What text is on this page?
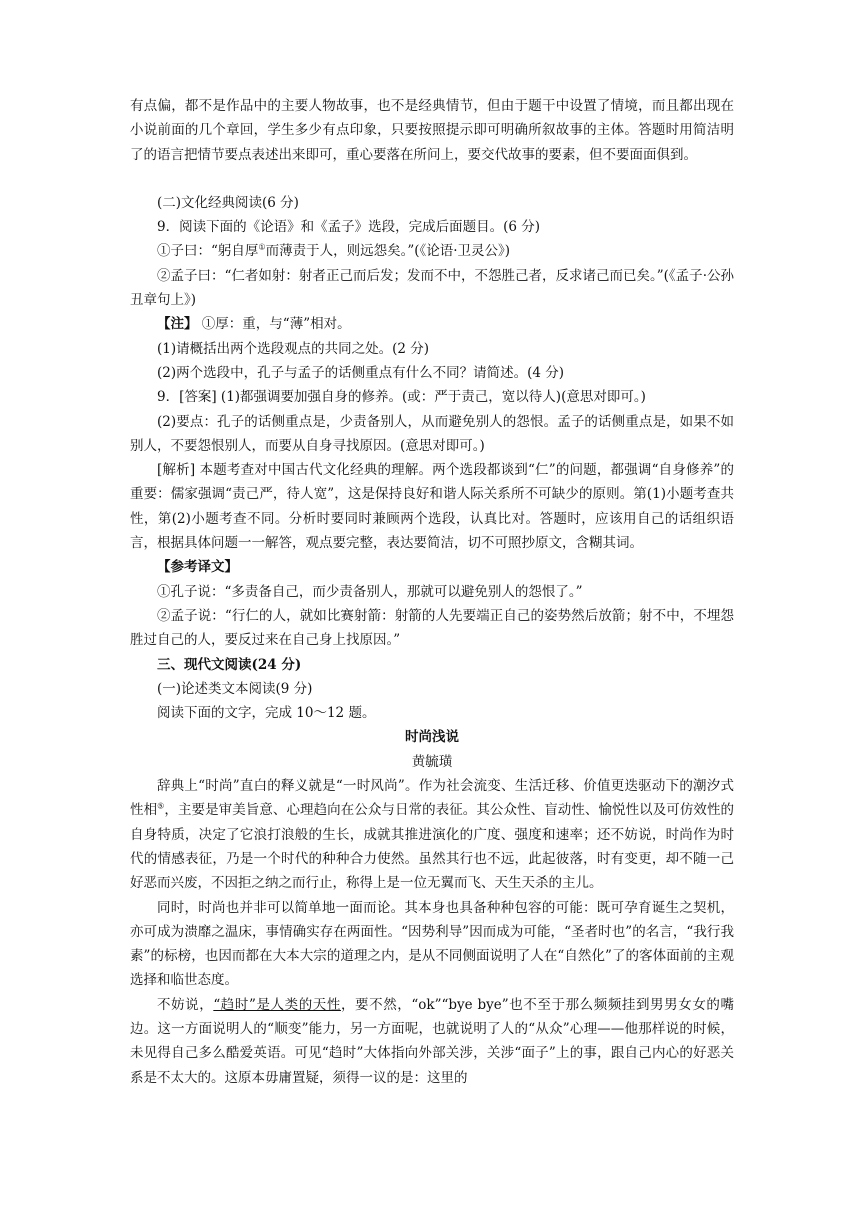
有点偏，都不是作品中的主要人物故事，也不是经典情节，但由于题干中设置了情境，而且都出现在小说前面的几个章回，学生多少有点印象，只要按照提示即可明确所叙故事的主体。答题时用简洁明了的语言把情节要点表述出来即可，重心要落在所问上，要交代故事的要素，但不要面面俱到。

(二)文化经典阅读(6 分)

9．阅读下面的《论语》和《孟子》选段，完成后面题目。(6 分)

①子曰：“躬自厚①而薄责于人，则远怨矣。”(《论语·卫灵公》)

②孟子曰：“仁者如射：射者正己而后发；发而不中，不怨胜己者，反求诸己而已矣。”(《孟子·公孙丑章句上》)

【注】 ①厚：重，与“薄”相对。

(1)请概括出两个选段观点的共同之处。(2 分)

(2)两个选段中，孔子与孟子的话侧重点有什么不同？请简述。(4 分)

9．[答案] (1)都强调要加强自身的修养。(或：严于责己，宽以待人)(意思对即可。)

(2)要点：孔子的话侧重点是，少责备别人，从而避免别人的怨恨。孟子的话侧重点是，如果不如别人，不要怨恨别人，而要从自身寻找原因。(意思对即可。)

[解析] 本题考查对中国古代文化经典的理解。两个选段都谈到“仁”的问题，都强调“自身修养”的重要：儒家强调“责己严，待人宽”，这是保持良好和谐人际关系所不可缺少的原则。第(1)小题考查共性，第(2)小题考查不同。分析时要同时兼顾两个选段，认真比对。答题时，应该用自己的话组织语言，根据具体问题一一解答，观点要完整，表达要简洁，切不可照抄原文，含糊其词。

【参考译文】

①孔子说：“多责备自己，而少责备别人，那就可以避免别人的怨恨了。”

②孟子说：“行仁的人，就如比赛射箭：射箭的人先要端正自己的姿势然后放箭；射不中，不埋怨胜过自己的人，要反过来在自己身上找原因。”

三、现代文阅读(24 分)

(一)论述类文本阅读(9 分)

阅读下面的文字，完成 10～12 题。

时尚浅说

黄毓璜

辞典上“时尚”直白的释义就是“一时风尚”。作为社会流变、生活迁移、价值更迭驱动下的潮汐式性相⑤，主要是审美旨意、心理趋向在公众与日常的表征。其公众性、盲动性、愉悦性以及可仿效性的自身特质，决定了它浪打浪般的生长，成就其推进演化的广度、强度和速率；还不妨说，时尚作为时代的情感表征，乃是一个时代的种种合力使然。虽然其行也不远，此起彼落，时有变更，却不随一己好恶而兴废，不因拒之纳之而行止，称得上是一位无翼而飞、天生天杀的主儿。

同时，时尚也并非可以简单地一面而论。其本身也具备种种包容的可能：既可孕育诞生之契机，亦可成为溃靡之温床，事情确实存在两面性。“因势利导”因而成为可能，“圣者时也”的名言，“我行我素”的标榜，也因而都在大本大宗的道理之内，是从不同侧面说明了人在“自然化”了的客体面前的主观选择和临世态度。

不妨说，“趋时”是人类的天性，要不然，“ok”“bye bye”也不至于那么频频挂到男男女女的嘴边。这一方面说明人的“顺变”能力，另一方面呢，也就说明了人的“从众”心理——他那样说的时候，未见得自己多么酷爱英语。可见“趋时”大体指向外部关涉，关涉“面子”上的事，跟自己内心的好恶关系是不太大的。这原本毋庸置疑，须得一议的是：这里的
